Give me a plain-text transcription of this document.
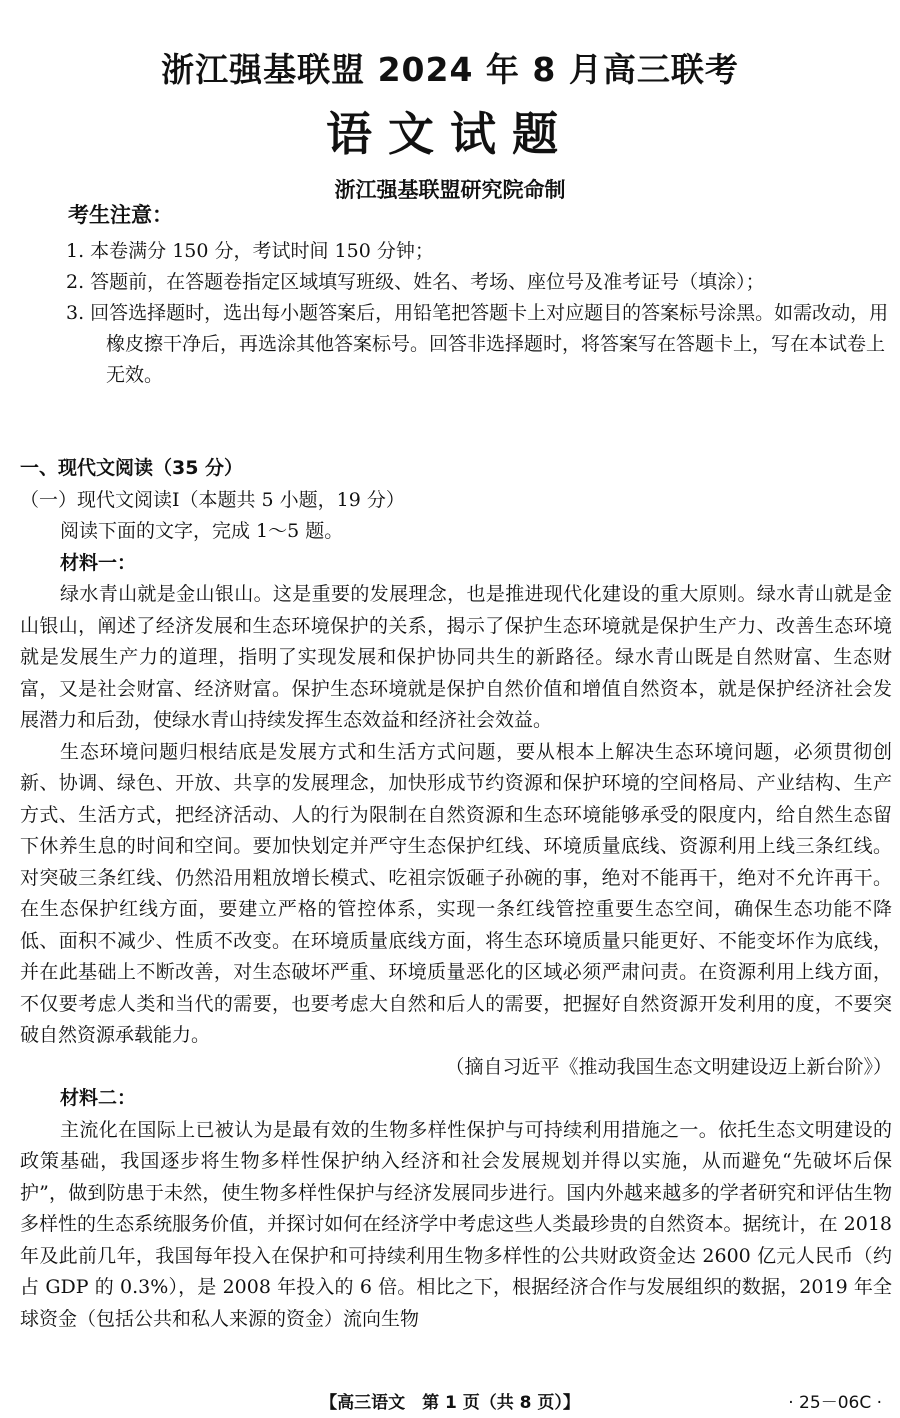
浙江强基联盟 2024 年 8 月高三联考
语文试题
浙江强基联盟研究院命制
考生注意：

1. 本卷满分 150 分，考试时间 150 分钟；

2. 答题前，在答题卷指定区域填写班级、姓名、考场、座位号及准考证号（填涂）；

3. 回答选择题时，选出每小题答案后，用铅笔把答题卡上对应题目的答案标号涂黑。如需改动，用橡皮擦干净后，再选涂其他答案标号。回答非选择题时，将答案写在答题卡上，写在本试卷上无效。

一、现代文阅读（35 分）

（一）现代文阅读Ⅰ（本题共 5 小题，19 分）

阅读下面的文字，完成 1～5 题。

材料一：

绿水青山就是金山银山。这是重要的发展理念，也是推进现代化建设的重大原则。绿水青山就是金山银山，阐述了经济发展和生态环境保护的关系，揭示了保护生态环境就是保护生产力、改善生态环境就是发展生产力的道理，指明了实现发展和保护协同共生的新路径。绿水青山既是自然财富、生态财富，又是社会财富、经济财富。保护生态环境就是保护自然价值和增值自然资本，就是保护经济社会发展潜力和后劲，使绿水青山持续发挥生态效益和经济社会效益。

生态环境问题归根结底是发展方式和生活方式问题，要从根本上解决生态环境问题，必须贯彻创新、协调、绿色、开放、共享的发展理念，加快形成节约资源和保护环境的空间格局、产业结构、生产方式、生活方式，把经济活动、人的行为限制在自然资源和生态环境能够承受的限度内，给自然生态留下休养生息的时间和空间。要加快划定并严守生态保护红线、环境质量底线、资源利用上线三条红线。对突破三条红线、仍然沿用粗放增长模式、吃祖宗饭砸子孙碗的事，绝对不能再干，绝对不允许再干。在生态保护红线方面，要建立严格的管控体系，实现一条红线管控重要生态空间，确保生态功能不降低、面积不减少、性质不改变。在环境质量底线方面，将生态环境质量只能更好、不能变坏作为底线，并在此基础上不断改善，对生态破坏严重、环境质量恶化的区域必须严肃问责。在资源利用上线方面，不仅要考虑人类和当代的需要，也要考虑大自然和后人的需要，把握好自然资源开发利用的度，不要突破自然资源承载能力。

（摘自习近平《推动我国生态文明建设迈上新台阶》）

材料二：

主流化在国际上已被认为是最有效的生物多样性保护与可持续利用措施之一。依托生态文明建设的政策基础，我国逐步将生物多样性保护纳入经济和社会发展规划并得以实施，从而避免“先破坏后保护”，做到防患于未然，使生物多样性保护与经济发展同步进行。国内外越来越多的学者研究和评估生物多样性的生态系统服务价值，并探讨如何在经济学中考虑这些人类最珍贵的自然资本。据统计，在 2018 年及此前几年，我国每年投入在保护和可持续利用生物多样性的公共财政资金达 2600 亿元人民币（约占 GDP 的 0.3%），是 2008 年投入的 6 倍。相比之下，根据经济合作与发展组织的数据，2019 年全球资金（包括公共和私人来源的资金）流向生物

【高三语文　第 1 页（共 8 页）】	· 25－06C ·
